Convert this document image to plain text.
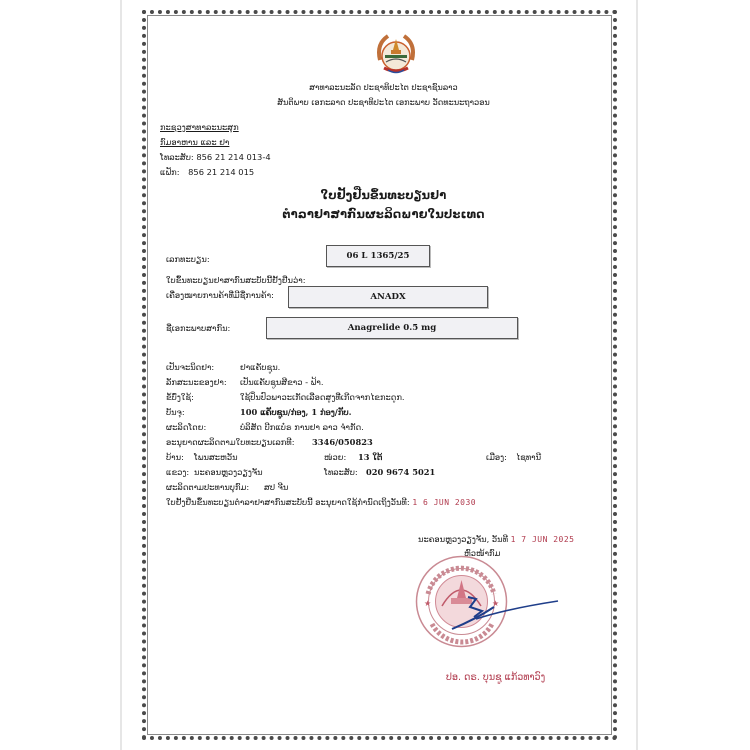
ສາທາລະນະລັດ ປະຊາທິປະໄຕ ປະຊາຊົນລາວ
ສັນຕິພາບ ເອກະລາດ ປະຊາທິປະໄຕ ເອກະພາບ ວັດທະນະຖາວອນ
ກະຊວງສາທາລະນະສຸກ
ກົມອາຫານ ແລະ ຢາ
ໂທລະສັບ: 856 21 214 013-4
ແຟັກ: 856 21 214 015
ໃບຢັ້ງຢືນຂຶ້ນທະບຽນຢາ
ຕໍາລາຢາສາກົນຜະລິດພາຍໃນປະເທດ
ເລກທະບຽນ:	06 L 1365/25
ໃບຂຶ້ນທະບຽນຢາສາກົນສະບັບນີ້ຢັ້ງຢືນວ່າ:
ເຄື່ອງໝາຍການຄ້າທີ່ມີຊື່ການຄ້າ:	ANADX
ຊື່ເອກະພາບສາກົນ:	Anagrelide 0.5 mg
ເປັນຈະນິດຢາ:	ຢາແຄັບຊູນ.
ລັກສະນະຂອງຢາ: ເປັນແຄັບຊູນສີຂາວ - ຟ້າ.
ຂໍ້ບົ່ງໃຊ້:	ໃຊ້ປິ່ນປົວພາວະເກັດເລືອດສູງທີ່ເກີດຈາກໄຂກະດູກ.
ບັນຈຸ:	100 ແຄັບຊູນ/ກ່ອງ, 1 ກ່ອງ/ກັບ.
ຜະລິດໂດຍ:	ບໍລິສັດ ບີກແບ໋ຣ ການຢາ ລາວ ຈໍາກັດ.
ອະນຸຍາດຜະລິດຕາມໃບທະບຽນເລກທີ: 3346/050823
ບ້ານ: ໂພນສະຫວັນ	ໜ່ວຍ: 13 ໃຕ້	ເມືອງ: ໄຊທານີ
ແຂວງ: ນະຄອນຫຼວງວຽງຈັນ	ໂທລະສັບ: 020 9674 5021
ຜະລິດຕາມປະທານບຸກົມ: ສປ ຈີນ
ໃບຢັ້ງຢືນຂຶ້ນທະບຽນຕໍາລາຢາສາກົນສະບັບນີ້ ອະນຸຍາດໃຊ້ກໍານົດເຖິງວັນທີ: 1 6 JUN 2030
ນະຄອນຫຼວງວຽງຈັນ, ວັນທີ 1 7 JUN 2025
ຫົວໜ້າກົມ
★	★
ປອ. ດຣ. ບຸນຊູ ແກ້ວທາວົງ
